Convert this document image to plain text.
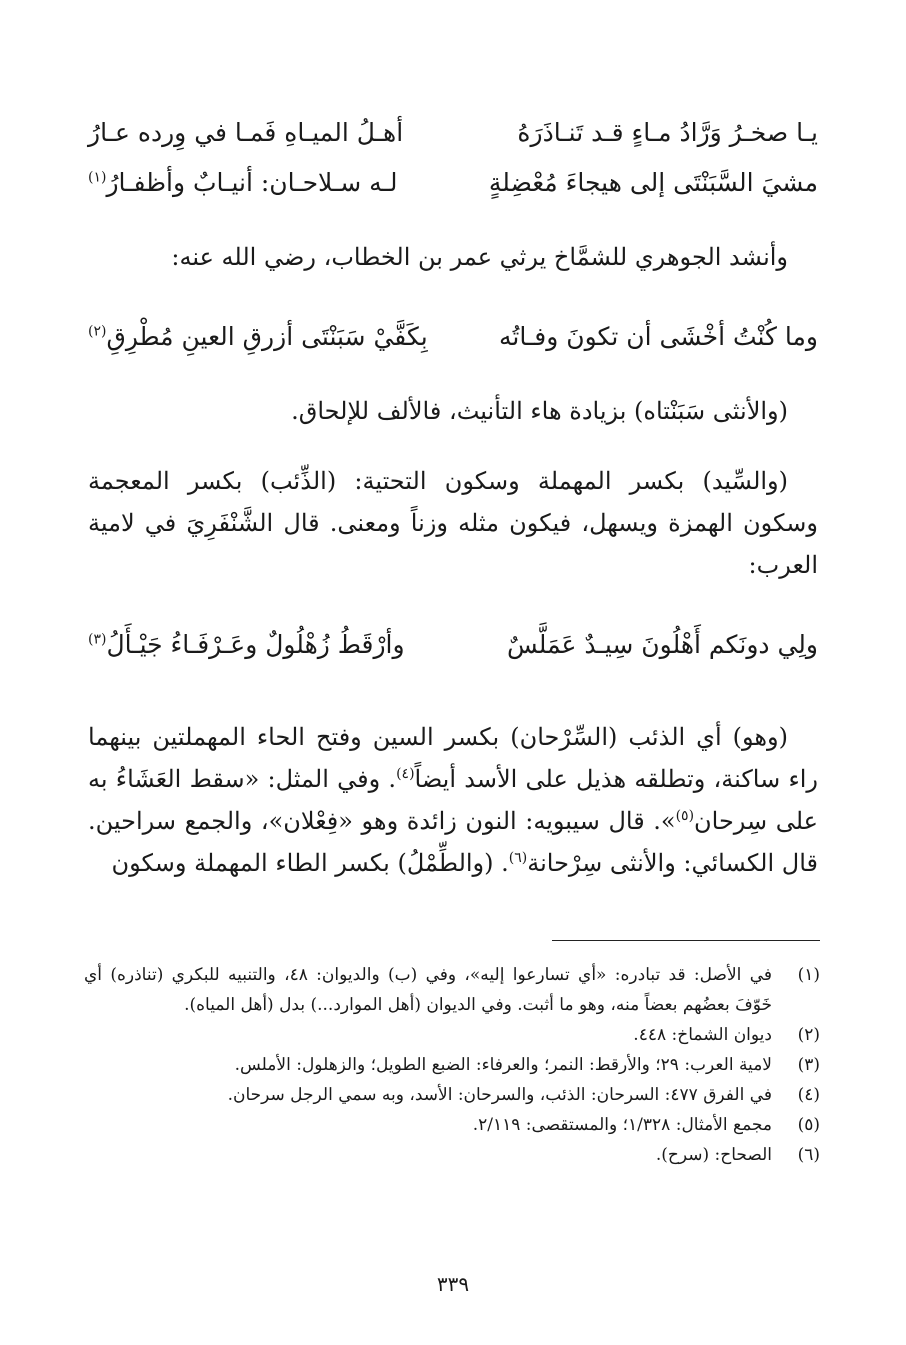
يـا صخـرُ وَرَّادُ مـاءٍ قـد تَنـاذَرَهُ
أهـلُ الميـاهِ فَمـا في وِرده عـارُ
مشيَ السَّبَنْتَى إلى هيجاءَ مُعْضِلةٍ
لـه سـلاحـان: أنيـابٌ وأظفـارُ$^{(١)}$

وأنشد الجوهري للشمَّاخ يرثي عمر بن الخطاب، رضي الله عنه:

وما كُنْتُ أخْشَى أن تكونَ وفـاتُه
بِكَفَّيْ سَبَنْتَى أزرقِ العينِ مُطْرِقِ$^{(٢)}$

(والأنثى سَبَنْتاه) بزيادة هاء التأنيث، فالألف للإلحاق.

(والسِّيد) بكسر المهملة وسكون التحتية: (الذِّئب) بكسر المعجمة وسكون الهمزة ويسهل، فيكون مثله وزناً ومعنى. قال الشَّنْفَرِيَ في لامية العرب:

ولِي دونَكم أَهْلُونَ سِيـدٌ عَمَلَّسٌ
وأرْقَطُ زُهْلُولٌ وعَـرْفَـاءُ جَيْـأَلُ$^{(٣)}$

(وهو) أي الذئب (السِّرْحان) بكسر السين وفتح الحاء المهملتين بينهما راء ساكنة، وتطلقه هذيل على الأسد أيضاً$^{(٤)}$. وفي المثل: «سقط العَشَاءُ به على سِرحان$^{(٥)}$». قال سيبويه: النون زائدة وهو «فِعْلان»، والجمع سراحين. قال الكسائي: والأنثى سِرْحانة$^{(٦)}$. (والطِّمْلُ) بكسر الطاء المهملة وسكون

(١)
في الأصل: قد تبادره: «أي تسارعوا إليه»، وفي (ب) والديوان: ٤٨، والتنبيه للبكري (تناذره) أي خَوّفَ بعضُهم بعضاً منه، وهو ما أثبت. وفي الديوان (أهل الموارد...) بدل (أهل المياه).
(٢)
ديوان الشماخ: ٤٤٨.
(٣)
لامية العرب: ٢٩؛ والأرقط: النمر؛ والعرفاء: الضبع الطويل؛ والزهلول: الأملس.
(٤)
في الفرق ٤٧٧: السرحان: الذئب، والسرحان: الأسد، وبه سمي الرجل سرحان.
(٥)
مجمع الأمثال: ١/٣٢٨؛ والمستقصى: ٢/١١٩.
(٦)
الصحاح: (سرح).
٣٣٩
